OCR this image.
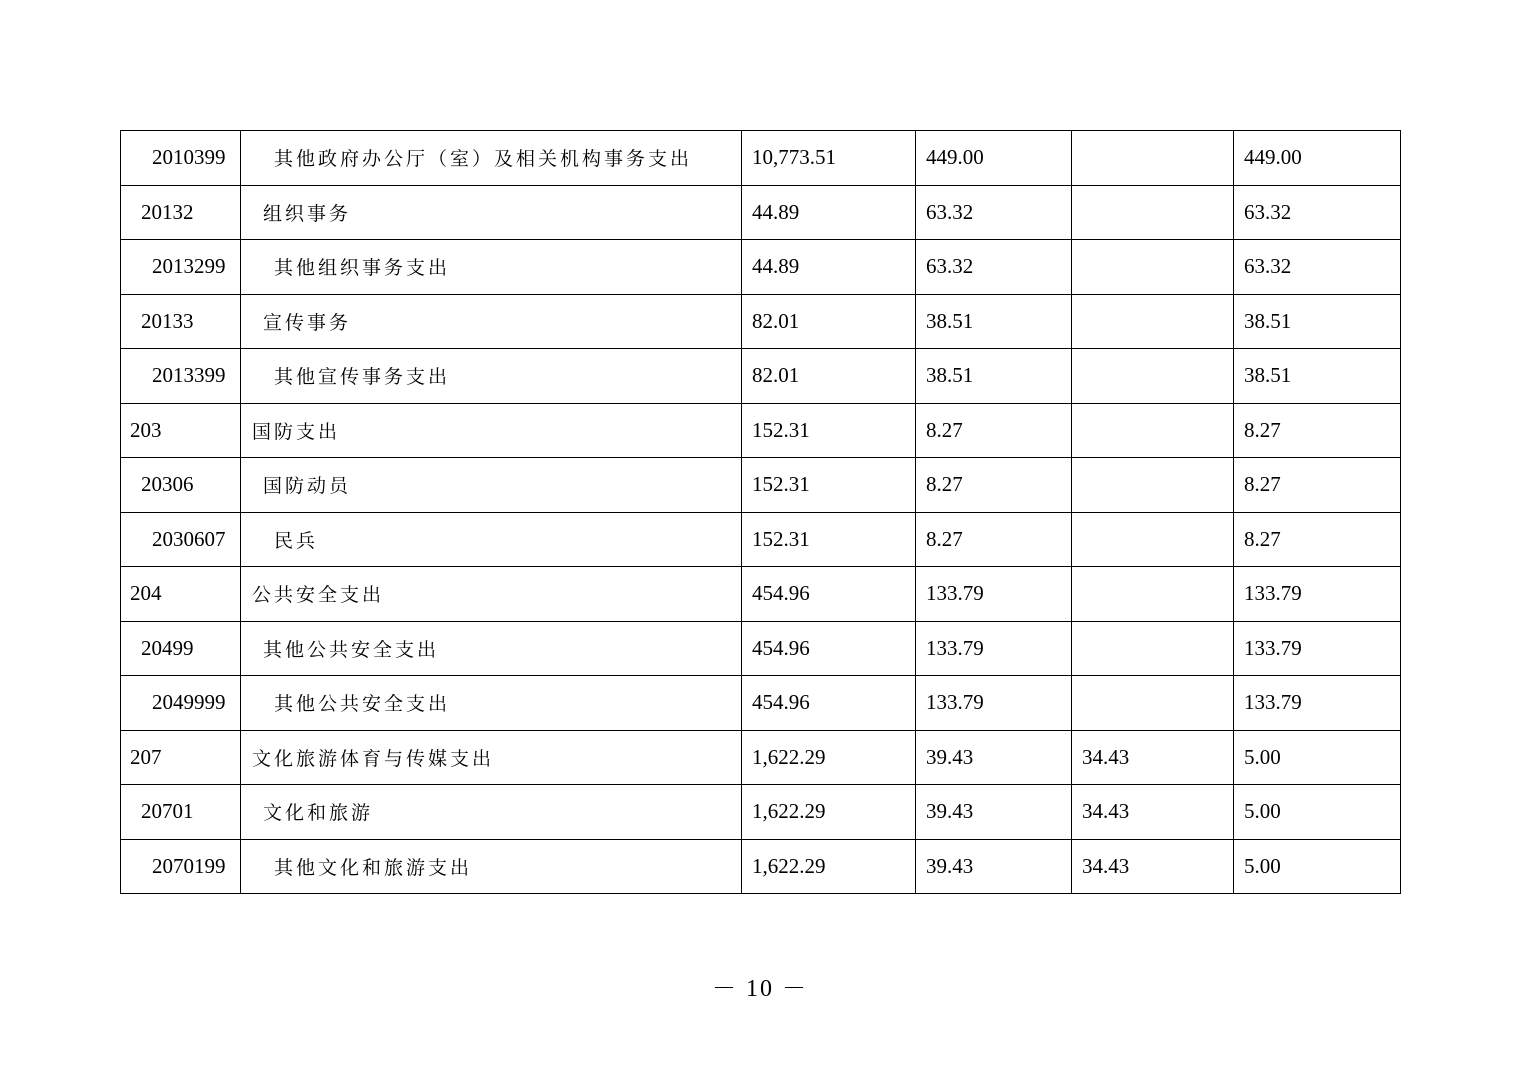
2010399	其他政府办公厅（室）及相关机构事务支出	10,773.51	449.00		449.00
20132	组织事务	44.89	63.32		63.32
2013299	其他组织事务支出	44.89	63.32		63.32
20133	宣传事务	82.01	38.51		38.51
2013399	其他宣传事务支出	82.01	38.51		38.51
203	国防支出	152.31	8.27		8.27
20306	国防动员	152.31	8.27		8.27
2030607	民兵	152.31	8.27		8.27
204	公共安全支出	454.96	133.79		133.79
20499	其他公共安全支出	454.96	133.79		133.79
2049999	其他公共安全支出	454.96	133.79		133.79
207	文化旅游体育与传媒支出	1,622.29	39.43	34.43	5.00
20701	文化和旅游	1,622.29	39.43	34.43	5.00
2070199	其他文化和旅游支出	1,622.29	39.43	34.43	5.00
－ 10 －
